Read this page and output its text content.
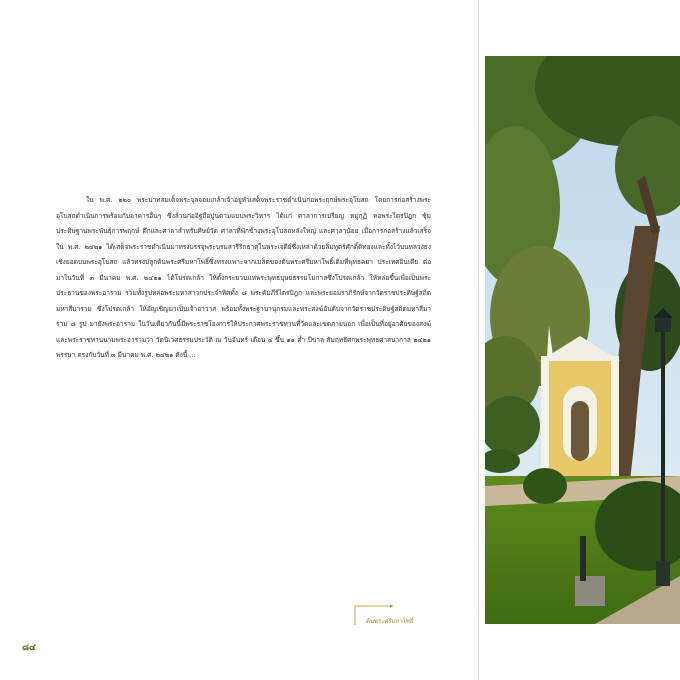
ใน พ.ศ. ๒๒๐ พระบาทสมเด็จพระจุลจอมเกล้าเจ้าอยู่หัวเสด็จพระราชดำเนินก่อพระฤกษ์พระอุโบสถ โดยการก่อสร้างพระอุโบสถดำเนินการพร้อมกับอาคารอื่นๆ ซึ่งล้วนก่ออิฐถือปูนตามแบบพระวิหาร ได้แก่ ศาลาการเปรียญ หมู่กุฏิ หอพระไตรปิฎก ซุ้มประดิษฐานพระพันธุ์การพฤกษ์ ตึกและศาลาสำหรับศิษย์วัด ศาลาที่พักข้างพระอุโบสถหลังใหญ่ และศาลาน้อย เมื่อการก่อสร้างแล้วเสร็จ ใน พ.ศ. ๒๔๒๑ ได้เสด็จพระราชดำเนินมาทรงบรรจุพระบรมสารีริกธาตุในพระเจดีย์ซึ่งเหล่าด้วยลิ่มทูตร์ศักดิ์ดิทองและทั้งไว้บนหลวงธงเชิงยอดบนพระอุโบสถ แล้วทรงปลูกต้นพระศรีมหาโพธิ์ซึ่งทรงแพาะจากเมล็ดของต้นพระศรีมหาโพธิ์เดิมที่พุทธคยา ประเทศอินเดีย ต่อมาในวันที่ ๓ มีนาคม พ.ศ. ๒๔๒๑ ได้โปรดเกล้า ให้ตั้งกระบวนแห่พระพุทธบุษยธรรมโมกาลซึ่งโปรดเกล้า ให้หล่อขึ้นเพื่อเป็นพระประธานของพระอาราม รวมทั้งรูปหล่อพระมหาสาวกประจำทิศทั้ง ๘ พระคัมภีร์ไตรปิฎก และพระยอมราภิรักษ์จากวัดราชประดิษฐ์สถิตมหาสีมาราม ซึ่งโปรดเกล้า ให้อัญเชิญมาเป็นเจ้าอาวาส พร้อมทั้งพระฐานานุกรมและพระสงฆ์อันดับจากวัดราชประดิษฐ์สถิตมหาสีมาราม ๘ รูป มายังพระอาราม ในวันเดียวกันนี้มีพระราชโองการให้ประกาศพระราชทานที่วัดและเขตภายนอก เพื่อเป็นที่อยู่อาศัยของสงฆ์ และพระราชทานนามพระอารามว่า วัดนิเวศธรรมประวัติ ณ วันจันทร์ เดือน ๔ ขึ้น ๑๑ ค่ำ ปีขาล สัมฤทธิศกพระพุทธศาสนากาล ๒๔๒๑ พรรษา ตรงกับวันที่ ๓ มีนาคม พ.ศ. ๒๔๒๑ ดังนี้ ...

ต้นพระศรีมหาโพธิ์
๘๔
